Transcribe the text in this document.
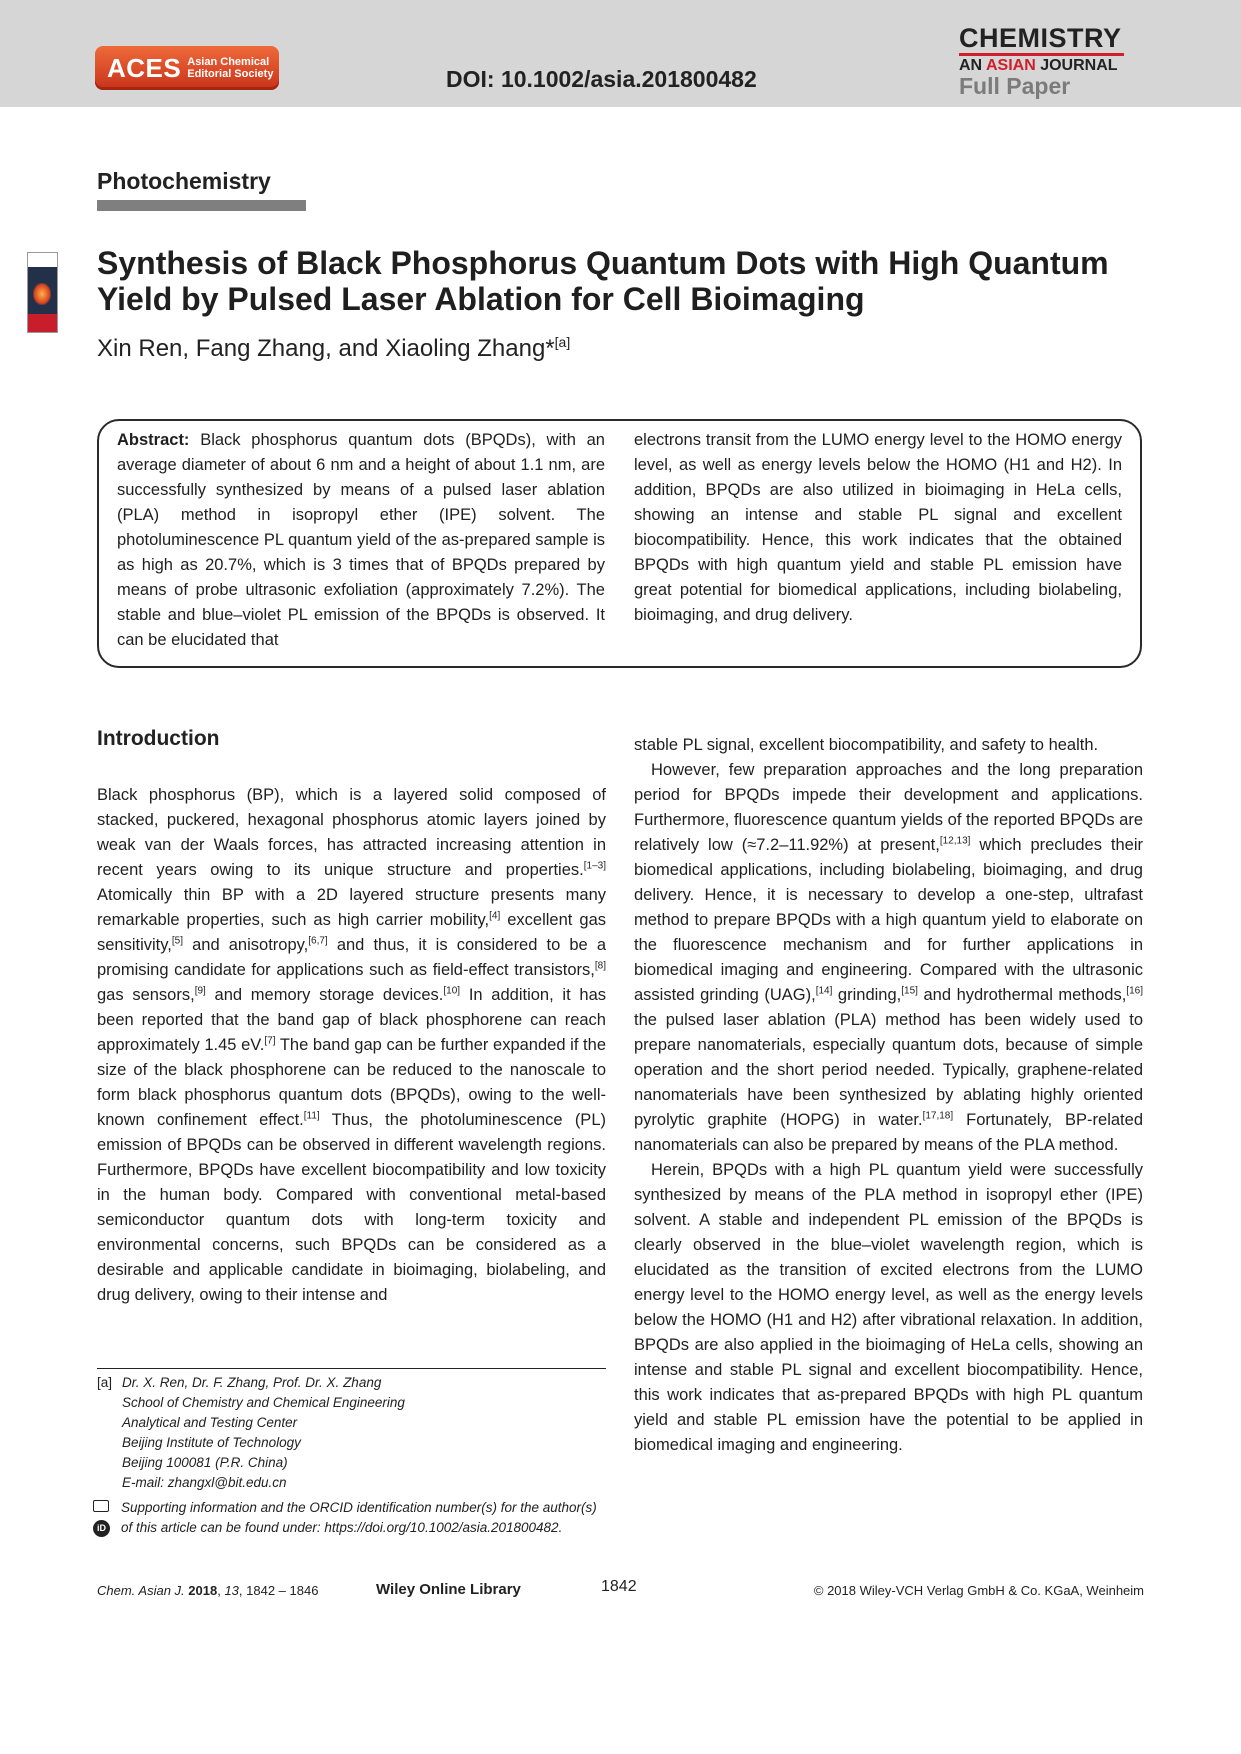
ACES Asian Chemical
Editorial Society	DOI: 10.1002/asia.201800482
CHEMISTRY
AN ASIAN JOURNAL
Full Paper
Photochemistry
Synthesis of Black Phosphorus Quantum Dots with High Quantum Yield by Pulsed Laser Ablation for Cell Bioimaging
Xin Ren, Fang Zhang, and Xiaoling Zhang*[a]
Abstract: Black phosphorus quantum dots (BPQDs), with an average diameter of about 6 nm and a height of about 1.1 nm, are successfully synthesized by means of a pulsed laser ablation (PLA) method in isopropyl ether (IPE) solvent. The photoluminescence PL quantum yield of the as-prepared sample is as high as 20.7%, which is 3 times that of BPQDs prepared by means of probe ultrasonic exfoliation (approximately 7.2%). The stable and blue–violet PL emission of the BPQDs is observed. It can be elucidated that
electrons transit from the LUMO energy level to the HOMO energy level, as well as energy levels below the HOMO (H1 and H2). In addition, BPQDs are also utilized in bioimaging in HeLa cells, showing an intense and stable PL signal and excellent biocompatibility. Hence, this work indicates that the obtained BPQDs with high quantum yield and stable PL emission have great potential for biomedical applications, including biolabeling, bioimaging, and drug delivery.
Introduction
Black phosphorus (BP), which is a layered solid composed of stacked, puckered, hexagonal phosphorus atomic layers joined by weak van der Waals forces, has attracted increasing attention in recent years owing to its unique structure and properties.[1–3] Atomically thin BP with a 2D layered structure presents many remarkable properties, such as high carrier mobility,[4] excellent gas sensitivity,[5] and anisotropy,[6,7] and thus, it is considered to be a promising candidate for applications such as field-effect transistors,[8] gas sensors,[9] and memory storage devices.[10] In addition, it has been reported that the band gap of black phosphorene can reach approximately 1.45 eV.[7] The band gap can be further expanded if the size of the black phosphorene can be reduced to the nanoscale to form black phosphorus quantum dots (BPQDs), owing to the well-known confinement effect.[11] Thus, the photoluminescence (PL) emission of BPQDs can be observed in different wavelength regions. Furthermore, BPQDs have excellent biocompatibility and low toxicity in the human body. Compared with conventional metal-based semiconductor quantum dots with long-term toxicity and environmental concerns, such BPQDs can be considered as a desirable and applicable candidate in bioimaging, biolabeling, and drug delivery, owing to their intense and

stable PL signal, excellent biocompatibility, and safety to health.

However, few preparation approaches and the long preparation period for BPQDs impede their development and applications. Furthermore, fluorescence quantum yields of the reported BPQDs are relatively low (≈7.2–11.92%) at present,[12,13] which precludes their biomedical applications, including biolabeling, bioimaging, and drug delivery. Hence, it is necessary to develop a one-step, ultrafast method to prepare BPQDs with a high quantum yield to elaborate on the fluorescence mechanism and for further applications in biomedical imaging and engineering. Compared with the ultrasonic assisted grinding (UAG),[14] grinding,[15] and hydrothermal methods,[16] the pulsed laser ablation (PLA) method has been widely used to prepare nanomaterials, especially quantum dots, because of simple operation and the short period needed. Typically, graphene-related nanomaterials have been synthesized by ablating highly oriented pyrolytic graphite (HOPG) in water.[17,18] Fortunately, BP-related nanomaterials can also be prepared by means of the PLA method.

Herein, BPQDs with a high PL quantum yield were successfully synthesized by means of the PLA method in isopropyl ether (IPE) solvent. A stable and independent PL emission of the BPQDs is clearly observed in the blue–violet wavelength region, which is elucidated as the transition of excited electrons from the LUMO energy level to the HOMO energy level, as well as the energy levels below the HOMO (H1 and H2) after vibrational relaxation. In addition, BPQDs are also applied in the bioimaging of HeLa cells, showing an intense and stable PL signal and excellent biocompatibility. Hence, this work indicates that as-prepared BPQDs with high PL quantum yield and stable PL emission have the potential to be applied in biomedical imaging and engineering.

[a] Dr. X. Ren, Dr. F. Zhang, Prof. Dr. X. Zhang
School of Chemistry and Chemical Engineering
Analytical and Testing Center
Beijing Institute of Technology
Beijing 100081 (P.R. China)
E-mail: zhangxl@bit.edu.cn
iD
Supporting information and the ORCID identification number(s) for the author(s) of this article can be found under: https://doi.org/10.1002/asia.201800482.
Chem. Asian J. 2018, 13, 1842 – 1846	Wiley Online Library	1842	© 2018 Wiley-VCH Verlag GmbH & Co. KGaA, Weinheim
